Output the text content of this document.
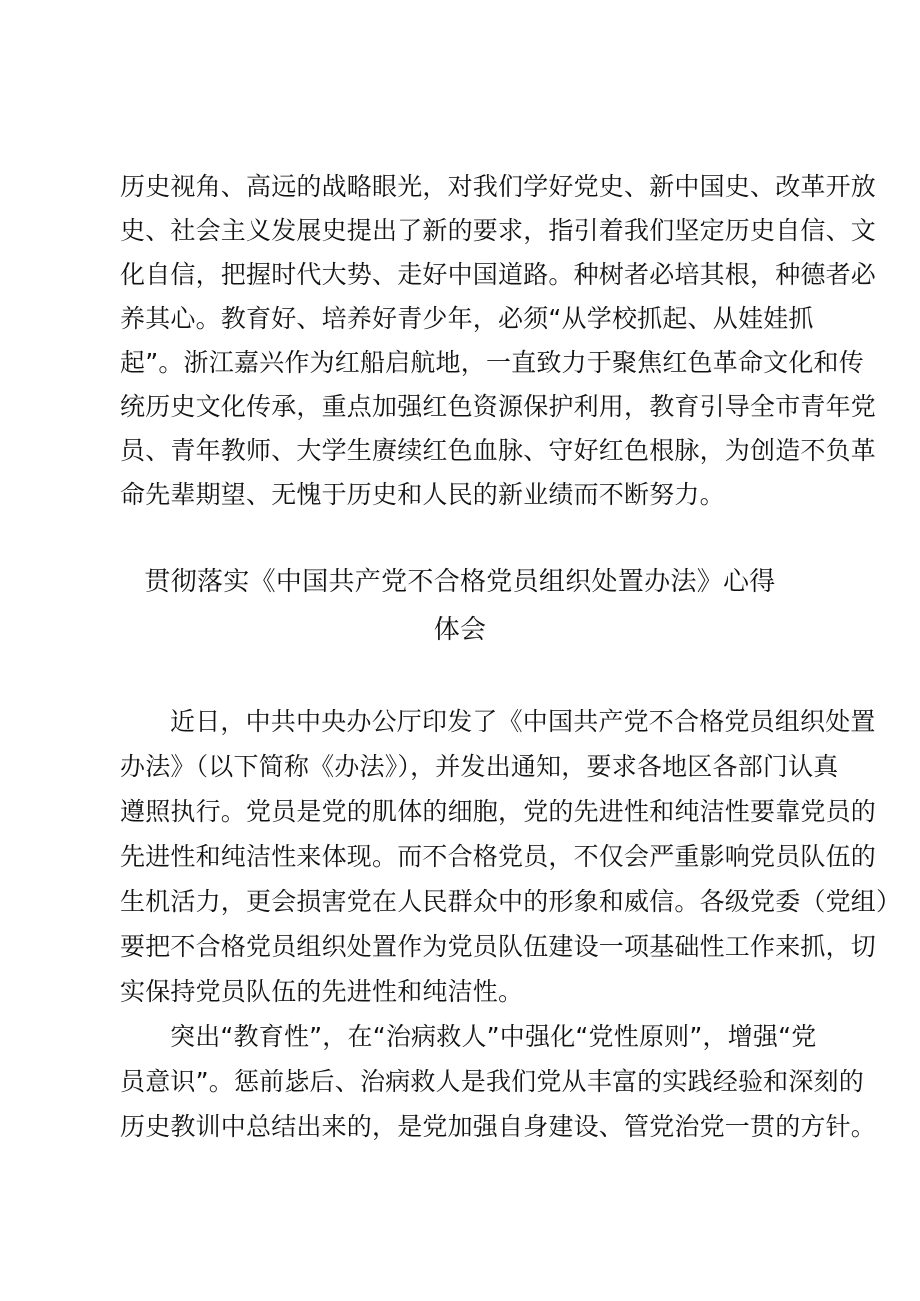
历史视角、高远的战略眼光，对我们学好党史、新中国史、改革开放
史、社会主义发展史提出了新的要求，指引着我们坚定历史自信、文
化自信，把握时代大势、走好中国道路。种树者必培其根，种德者必
养其心。教育好、培养好青少年，必须“从学校抓起、从娃娃抓
起”。浙江嘉兴作为红船启航地，一直致力于聚焦红色革命文化和传
统历史文化传承，重点加强红色资源保护利用，教育引导全市青年党
员、青年教师、大学生赓续红色血脉、守好红色根脉，为创造不负革
命先辈期望、无愧于历史和人民的新业绩而不断努力。
贯彻落实《中国共产党不合格党员组织处置办法》心得
体会
近日，中共中央办公厅印发了《中国共产党不合格党员组织处置
办法》（以下简称《办法》），并发出通知，要求各地区各部门认真
遵照执行。党员是党的肌体的细胞，党的先进性和纯洁性要靠党员的
先进性和纯洁性来体现。而不合格党员，不仅会严重影响党员队伍的
生机活力，更会损害党在人民群众中的形象和威信。各级党委（党组）
要把不合格党员组织处置作为党员队伍建设一项基础性工作来抓，切
实保持党员队伍的先进性和纯洁性。
突出“教育性”，在“治病救人”中强化“党性原则”，增强“党
员意识”。惩前毖后、治病救人是我们党从丰富的实践经验和深刻的
历史教训中总结出来的，是党加强自身建设、管党治党一贯的方针。
